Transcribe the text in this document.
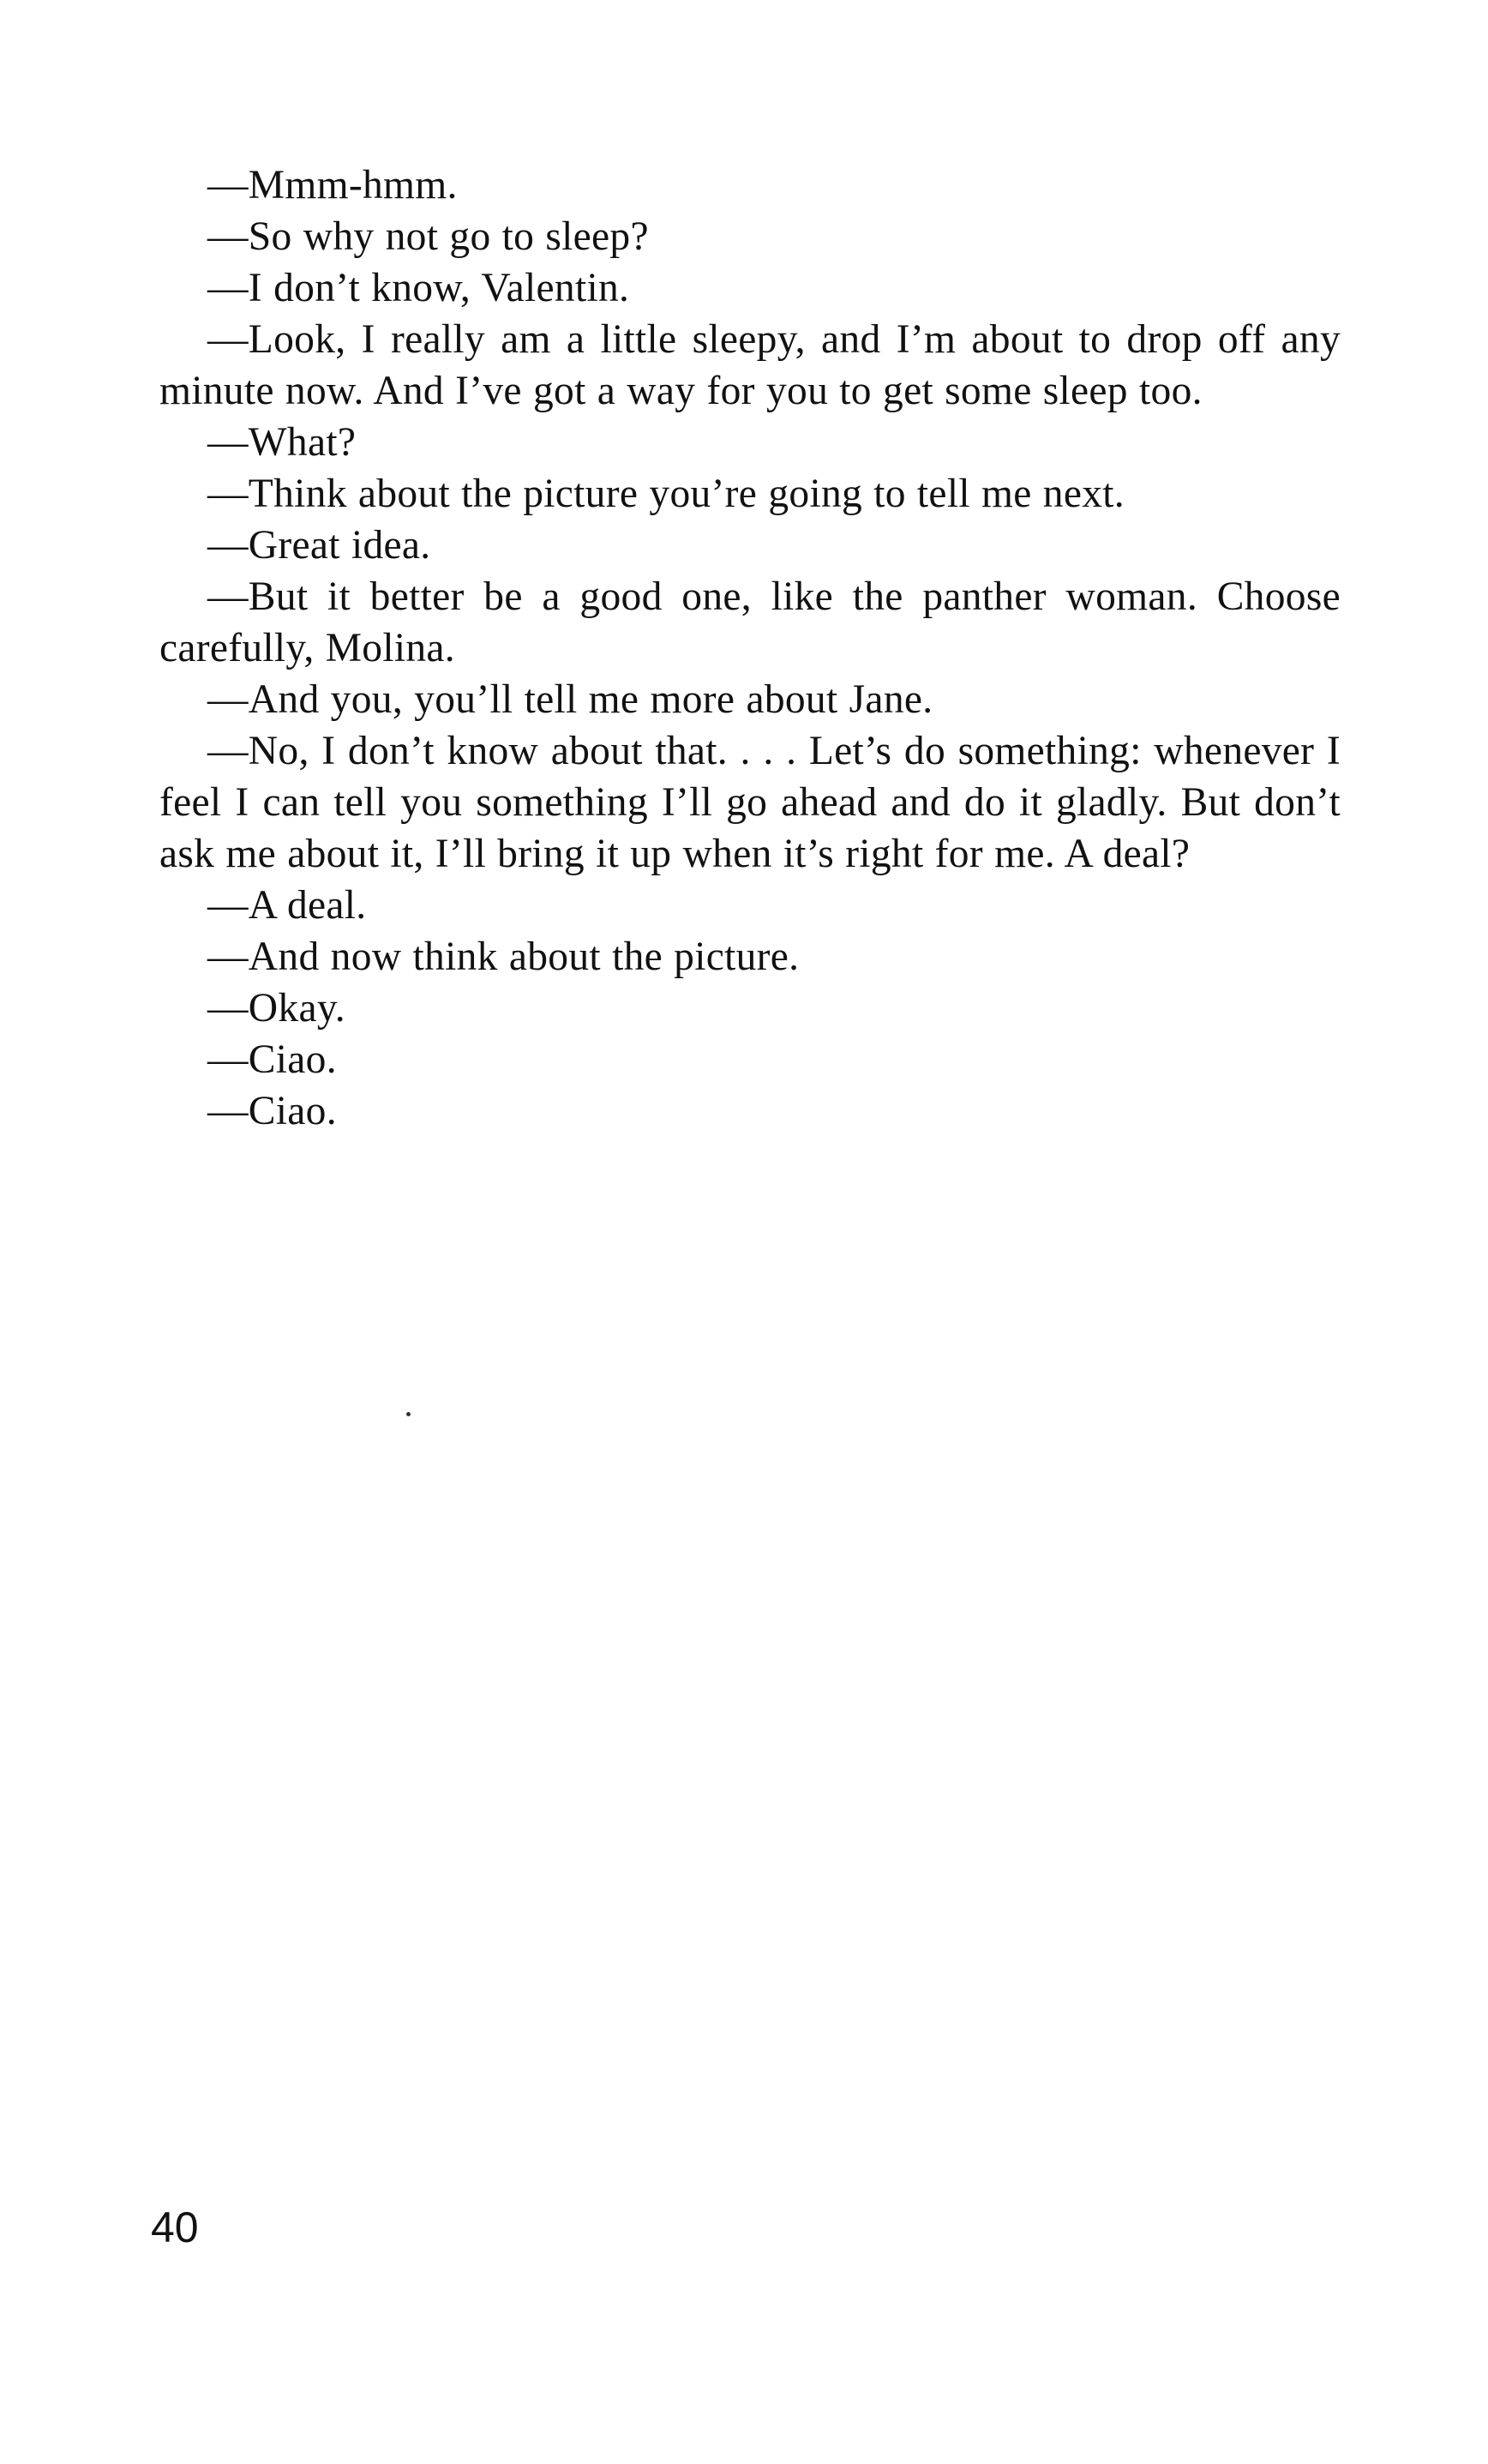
—Mmm-hmm.

—So why not go to sleep?

—I don’t know, Valentin.

—Look, I really am a little sleepy, and I’m about to drop off any minute now. And I’ve got a way for you to get some sleep too.

—What?

—Think about the picture you’re going to tell me next.

—Great idea.

—But it better be a good one, like the panther woman. Choose carefully, Molina.

—And you, you’ll tell me more about Jane.

—No, I don’t know about that. . . . Let’s do something: whenever I feel I can tell you something I’ll go ahead and do it gladly. But don’t ask me about it, I’ll bring it up when it’s right for me. A deal?

—A deal.

—And now think about the picture.

—Okay.

—Ciao.

—Ciao.

40
